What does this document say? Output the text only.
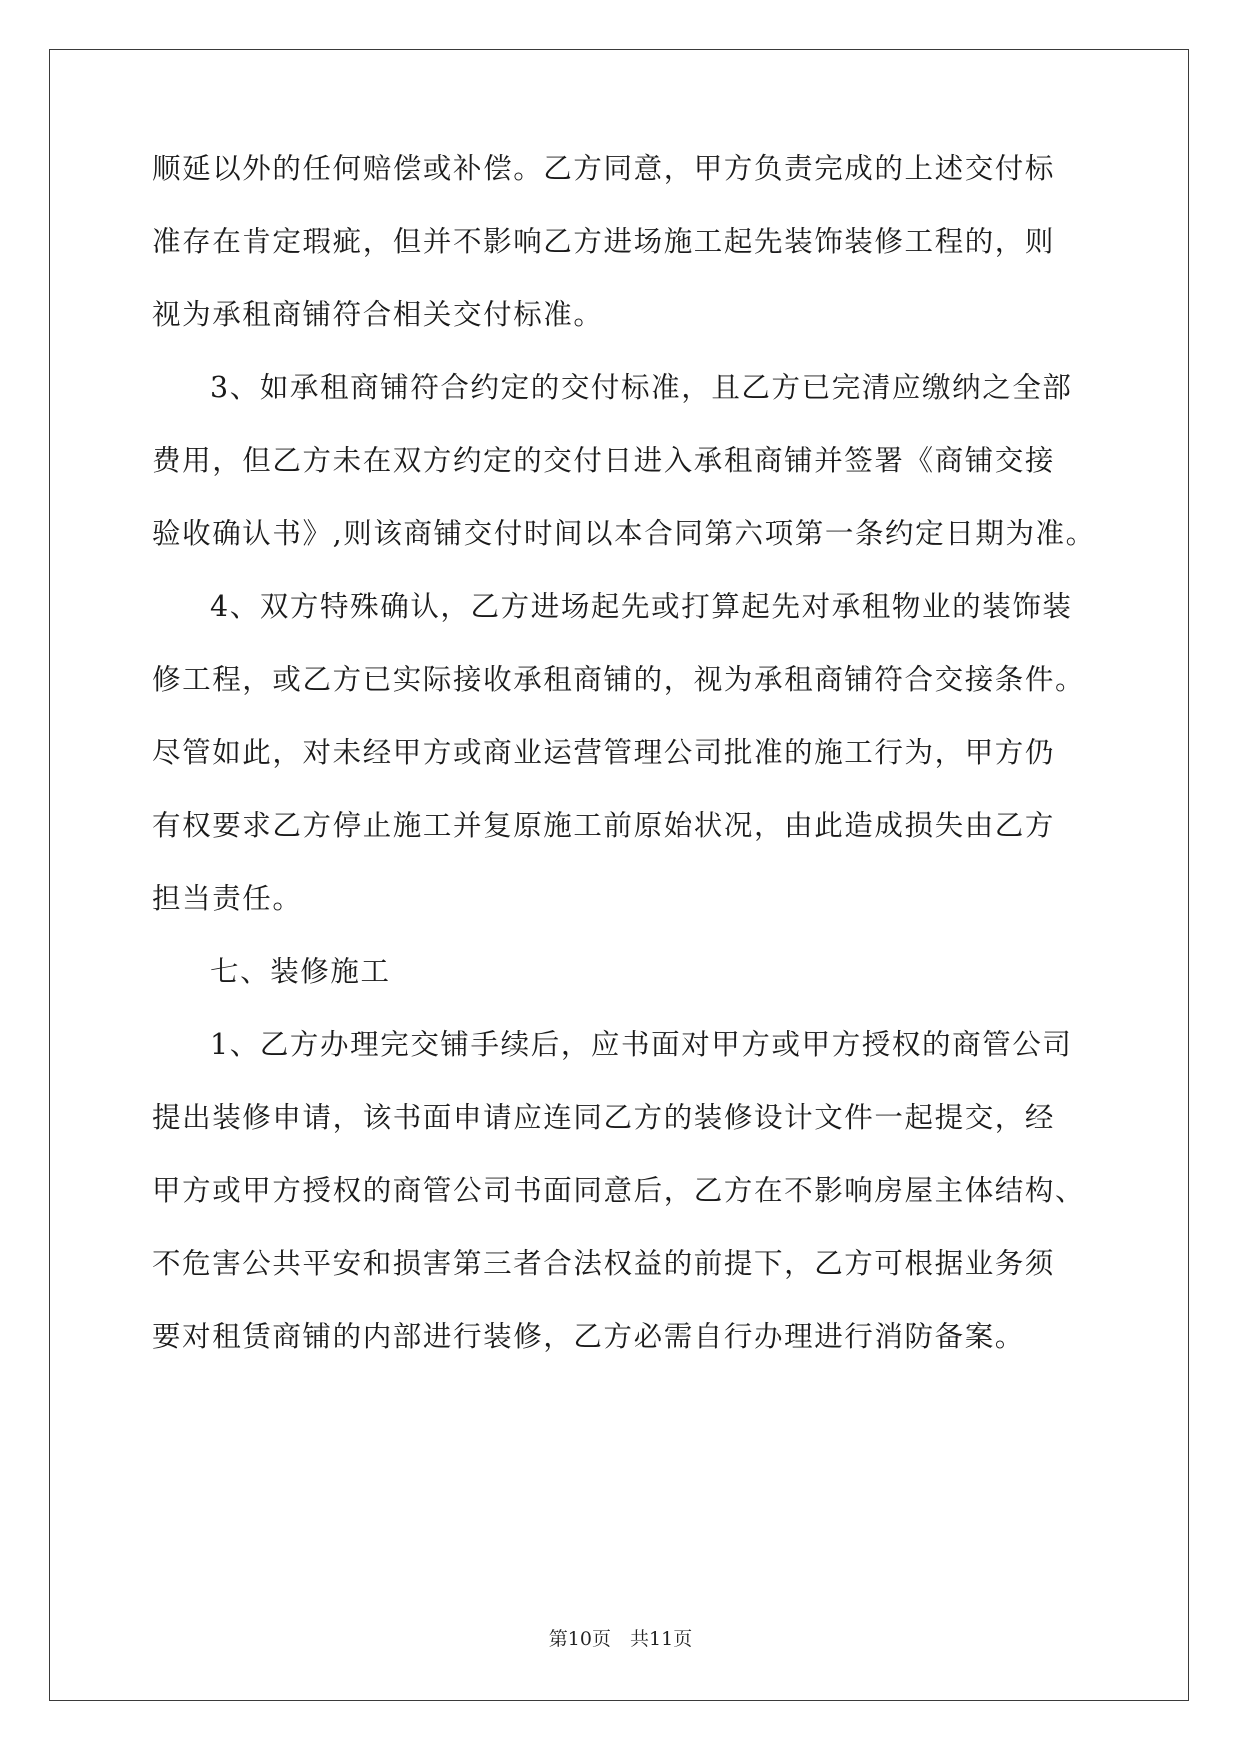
顺延以外的任何赔偿或补偿。乙方同意，甲方负责完成的上述交付标
准存在肯定瑕疵，但并不影响乙方进场施工起先装饰装修工程的，则
视为承租商铺符合相关交付标准。
3、如承租商铺符合约定的交付标准，且乙方已完清应缴纳之全部
费用，但乙方未在双方约定的交付日进入承租商铺并签署《商铺交接
验收确认书》,则该商铺交付时间以本合同第六项第一条约定日期为准。
4、双方特殊确认，乙方进场起先或打算起先对承租物业的装饰装
修工程，或乙方已实际接收承租商铺的，视为承租商铺符合交接条件。
尽管如此，对未经甲方或商业运营管理公司批准的施工行为，甲方仍
有权要求乙方停止施工并复原施工前原始状况，由此造成损失由乙方
担当责任。
七、装修施工
1、乙方办理完交铺手续后，应书面对甲方或甲方授权的商管公司
提出装修申请，该书面申请应连同乙方的装修设计文件一起提交，经
甲方或甲方授权的商管公司书面同意后，乙方在不影响房屋主体结构、
不危害公共平安和损害第三者合法权益的前提下，乙方可根据业务须
要对租赁商铺的内部进行装修，乙方必需自行办理进行消防备案。
第10页　共11页
